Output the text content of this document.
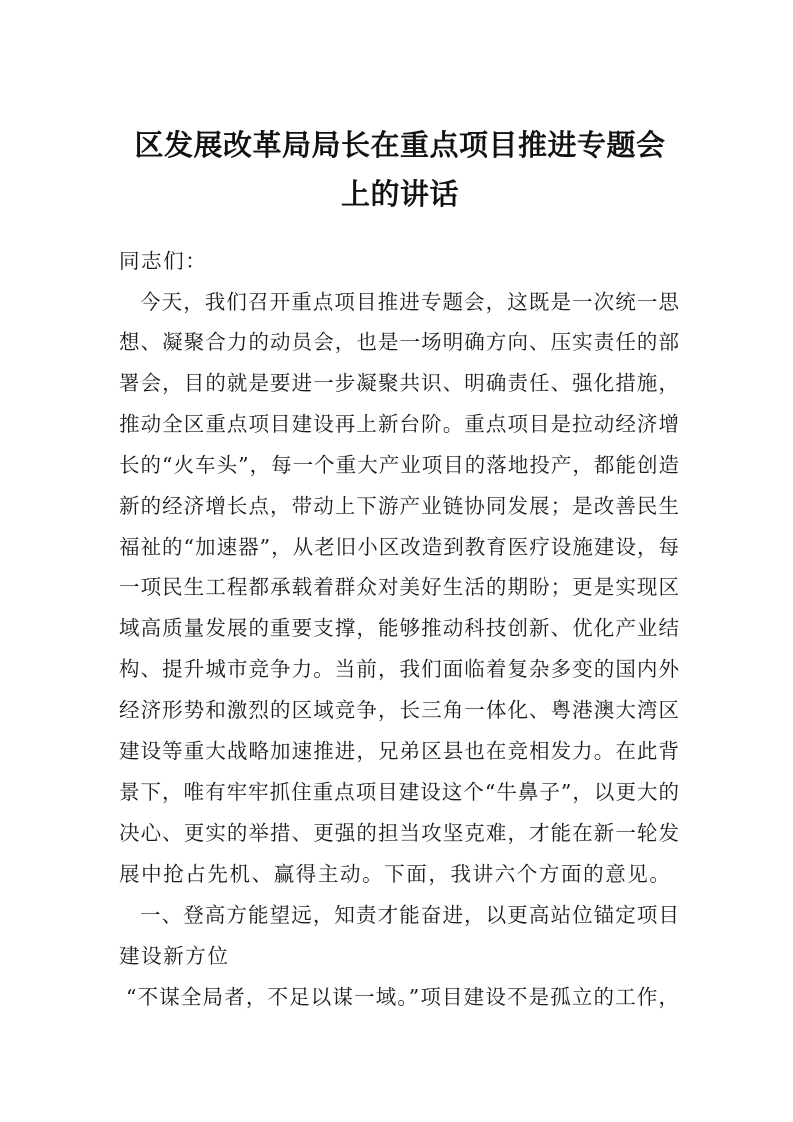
区发展改革局局长在重点项目推进专题会
上的讲话

同志们：

今天，我们召开重点项目推进专题会，这既是一次统一思

想、凝聚合力的动员会，也是一场明确方向、压实责任的部

署会，目的就是要进一步凝聚共识、明确责任、强化措施，

推动全区重点项目建设再上新台阶。重点项目是拉动经济增

长的“火车头”，每一个重大产业项目的落地投产，都能创造

新的经济增长点，带动上下游产业链协同发展；是改善民生

福祉的“加速器”，从老旧小区改造到教育医疗设施建设，每

一项民生工程都承载着群众对美好生活的期盼；更是实现区

域高质量发展的重要支撑，能够推动科技创新、优化产业结

构、提升城市竞争力。当前，我们面临着复杂多变的国内外

经济形势和激烈的区域竞争，长三角一体化、粤港澳大湾区

建设等重大战略加速推进，兄弟区县也在竞相发力。在此背

景下，唯有牢牢抓住重点项目建设这个“牛鼻子”，以更大的

决心、更实的举措、更强的担当攻坚克难，才能在新一轮发

展中抢占先机、赢得主动。下面，我讲六个方面的意见。

一、登高方能望远，知责才能奋进，以更高站位锚定项目

建设新方位

“不谋全局者，不足以谋一域。”项目建设不是孤立的工作，
